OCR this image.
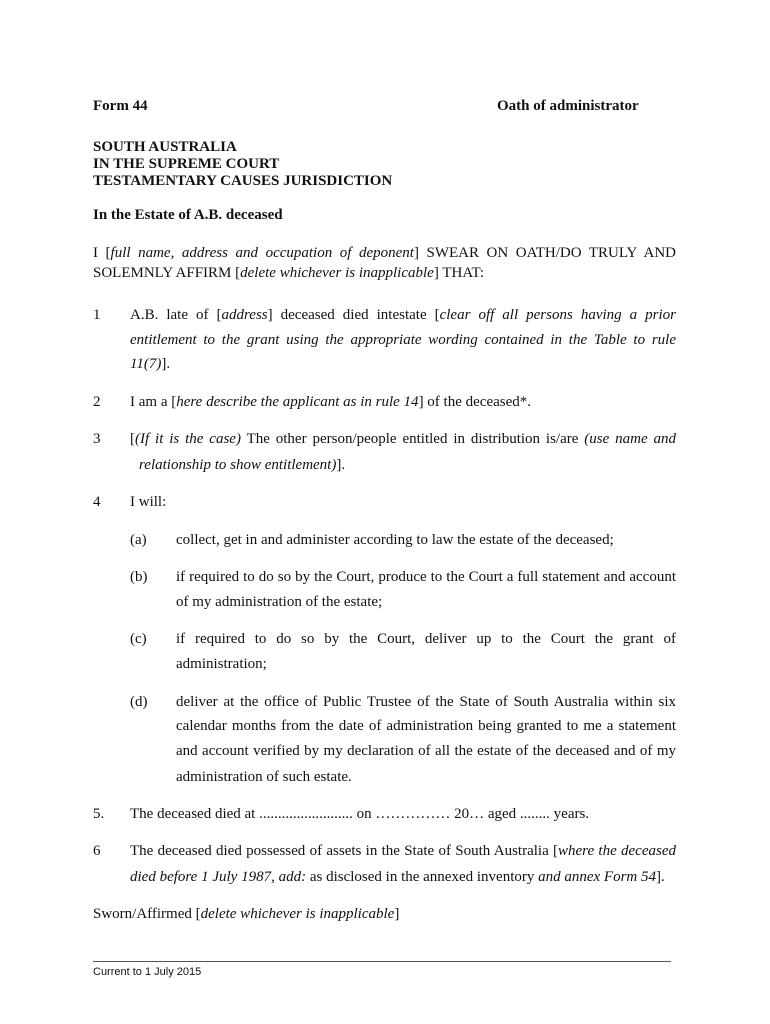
Form 44	Oath of administrator
SOUTH AUSTRALIA
IN THE SUPREME COURT
TESTAMENTARY CAUSES JURISDICTION
In the Estate of A.B. deceased
I [full name, address and occupation of deponent] SWEAR ON OATH/DO TRULY AND
SOLEMNLY AFFIRM [delete whichever is inapplicable] THAT:
1 A.B. late of [address] deceased died intestate [clear off all persons having a prior
entitlement to the grant using the appropriate wording contained in the Table to rule
11(7)].
2 I am a [here describe the applicant as in rule 14] of the deceased*.
3 [(If it is the case) The other person/people entitled in distribution is/are (use name and
relationship to show entitlement)].
4 I will:
(a) collect, get in and administer according to law the estate of the deceased;
(b) if required to do so by the Court, produce to the Court a full statement and account
of my administration of the estate;
(c) if required to do so by the Court, deliver up to the Court the grant of
administration;
(d) deliver at the office of Public Trustee of the State of South Australia within six
calendar months from the date of administration being granted to me a statement
and account verified by my declaration of all the estate of the deceased and of my
administration of such estate.
5. The deceased died at ......................... on …………… 20… aged ........ years.
6 The deceased died possessed of assets in the State of South Australia [where the deceased
died before 1 July 1987, add: as disclosed in the annexed inventory and annex Form 54].
Sworn/Affirmed [delete whichever is inapplicable]
Current to 1 July 2015
